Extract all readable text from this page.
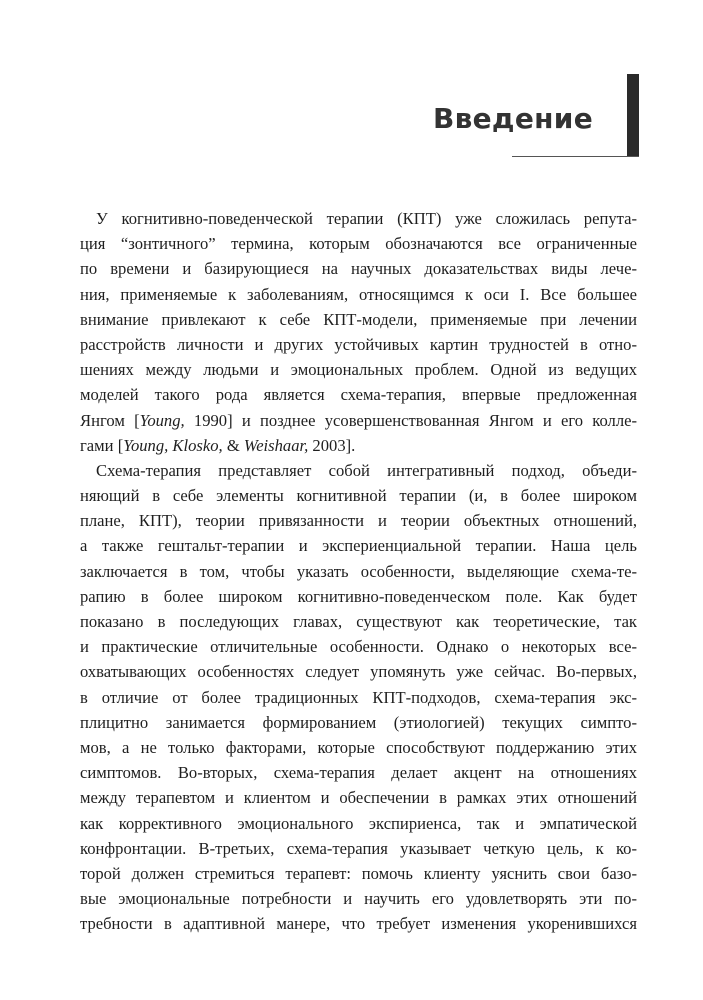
Введение
У когнитивно-поведенческой терапии (КПТ) уже сложилась репута-
ция “зонтичного” термина, которым обозначаются все ограниченные
по времени и базирующиеся на научных доказательствах виды лече-
ния, применяемые к заболеваниям, относящимся к оси I. Все большее
внимание привлекают к себе КПТ-модели, применяемые при лечении
расстройств личности и других устойчивых картин трудностей в отно-
шениях между людьми и эмоциональных проблем. Одной из ведущих
моделей такого рода является схема-терапия, впервые предложенная
Янгом [Young, 1990] и позднее усовершенствованная Янгом и его колле-
гами [Young, Klosko, & Weishaar, 2003].
Схема-терапия представляет собой интегративный подход, объеди-
няющий в себе элементы когнитивной терапии (и, в более широком
плане, КПТ), теории привязанности и теории объектных отношений,
а также гештальт-терапии и экспериенциальной терапии. Наша цель
заключается в том, чтобы указать особенности, выделяющие схема-те-
рапию в более широком когнитивно-поведенческом поле. Как будет
показано в последующих главах, существуют как теоретические, так
и практические отличительные особенности. Однако о некоторых все-
охватывающих особенностях следует упомянуть уже сейчас. Во-первых,
в отличие от более традиционных КПТ-подходов, схема-терапия экс-
плицитно занимается формированием (этиологией) текущих симпто-
мов, а не только факторами, которые способствуют поддержанию этих
симптомов. Во-вторых, схема-терапия делает акцент на отношениях
между терапевтом и клиентом и обеспечении в рамках этих отношений
как коррективного эмоционального экспириенса, так и эмпатической
конфронтации. В-третьих, схема-терапия указывает четкую цель, к ко-
торой должен стремиться терапевт: помочь клиенту уяснить свои базо-
вые эмоциональные потребности и научить его удовлетворять эти по-
требности в адаптивной манере, что требует изменения укоренившихся
